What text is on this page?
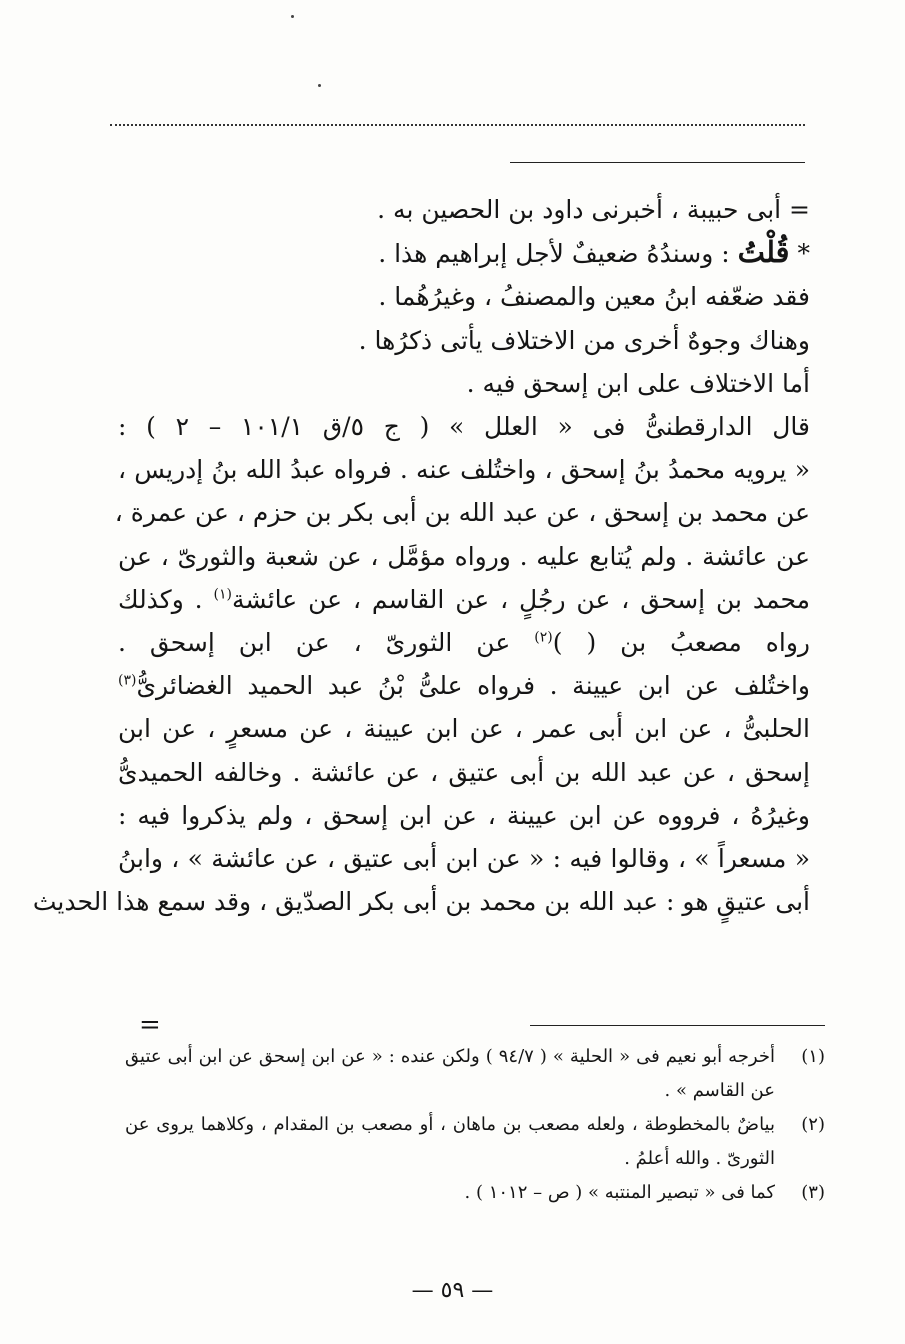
= أبى حبيبة ، أخبرنى داود بن الحصين به .
* قُلْتُ : وسندُهُ ضعيفٌ لأجل إبراهيم هذا .
فقد ضعّفه ابنُ معين والمصنفُ ، وغيرُهُما .
وهناك وجوهٌ أخرى من الاختلاف يأتى ذكرُها .
أما الاختلاف على ابن إسحق فيه .
قال الدارقطنىُّ فى « العلل » ( ج ٥/ق ١٠١/١ – ٢ ) :
« يرويه محمدُ بنُ إسحق ، واختُلف عنه . فرواه عبدُ الله بنُ إدريس ،
عن محمد بن إسحق ، عن عبد الله بن أبى بكر بن حزم ، عن عمرة ،
عن عائشة . ولم يُتابع عليه . ورواه مؤمَّل ، عن شعبة والثورىّ ، عن
محمد بن إسحق ، عن رجُلٍ ، عن القاسم ، عن عائشة$^{(١)}$ . وكذلك
رواه مصعبُ بن ( )$^{(٢)}$ عن الثورىّ ، عن ابن إسحق .
واختُلف عن ابن عيينة . فرواه علىُّ بْنُ عبد الحميد الغضائرىُّ$^{(٣)}$
الحلبىُّ ، عن ابن أبى عمر ، عن ابن عيينة ، عن مسعرٍ ، عن ابن
إسحق ، عن عبد الله بن أبى عتيق ، عن عائشة . وخالفه الحميدىُّ
وغيرُهُ ، فرووه عن ابن عيينة ، عن ابن إسحق ، ولم يذكروا فيه :
« مسعراً » ، وقالوا فيه : « عن ابن أبى عتيق ، عن عائشة » ، وابنُ
أبى عتيقٍ هو : عبد الله بن محمد بن أبى بكر الصدّيق ، وقد سمع هذا الحديث
=
(١)
أخرجه أبو نعيم فى « الحلية » ( ٩٤/٧ ) ولكن عنده : « عن ابن إسحق عن ابن أبى عتيق عن القاسم » .
(٢)
بياضٌ بالمخطوطة ، ولعله مصعب بن ماهان ، أو مصعب بن المقدام ، وكلاهما يروى عن الثورىّ . والله أعلمُ .
(٣)
كما فى « تبصير المنتبه » ( ص – ١٠١٢ ) .
— ٥٩ —
